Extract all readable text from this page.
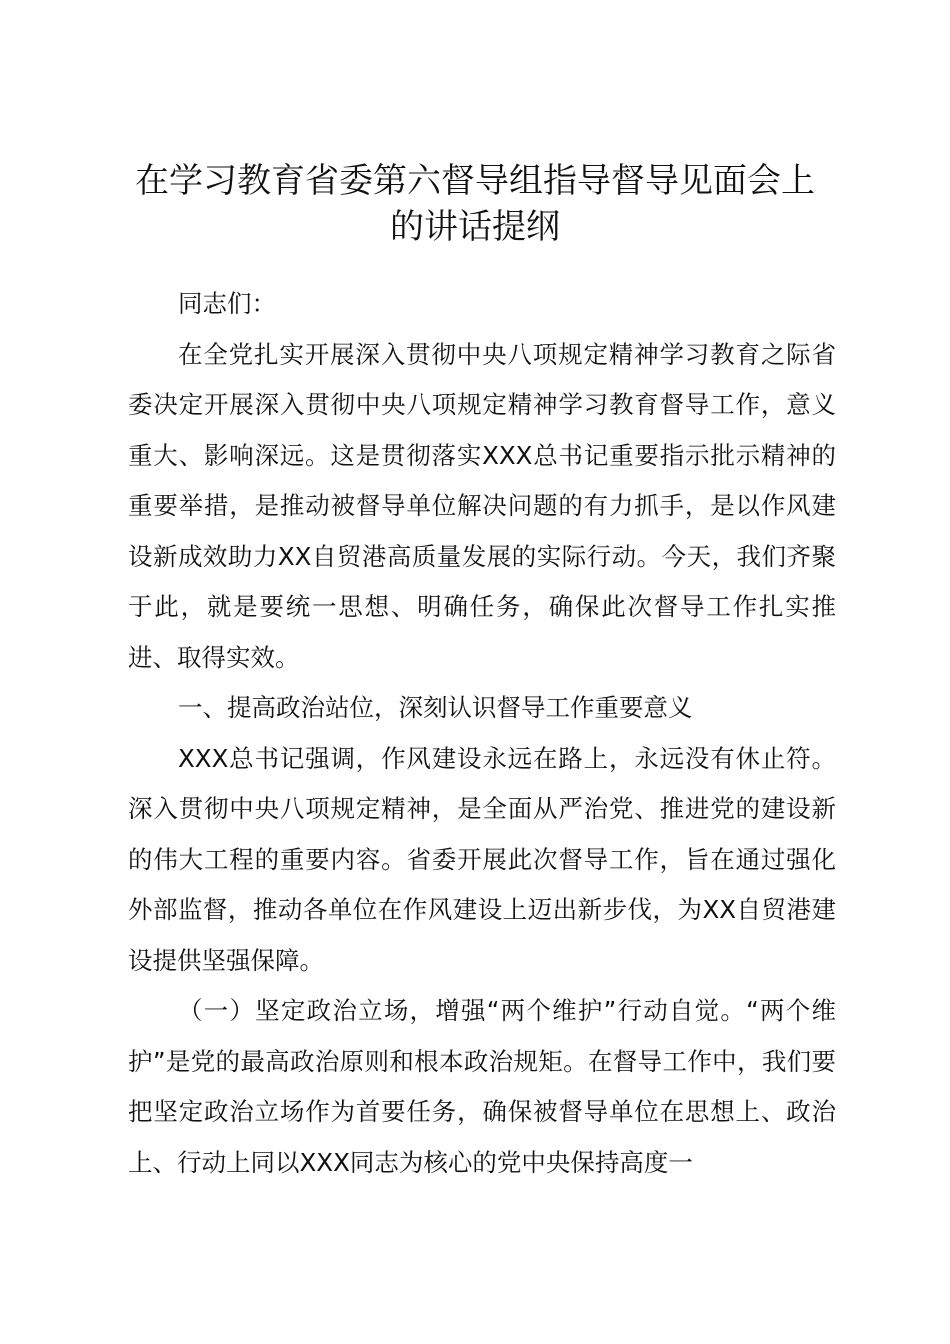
在学习教育省委第六督导组指导督导见面会上
的讲话提纲

同志们：

在全党扎实开展深入贯彻中央八项规定精神学习教育之际省委决定开展深入贯彻中央八项规定精神学习教育督导工作，意义重大、影响深远。这是贯彻落实XXX总书记重要指示批示精神的重要举措，是推动被督导单位解决问题的有力抓手，是以作风建设新成效助力XX自贸港高质量发展的实际行动。今天，我们齐聚于此，就是要统一思想、明确任务，确保此次督导工作扎实推进、取得实效。

一、提高政治站位，深刻认识督导工作重要意义

XXX总书记强调，作风建设永远在路上，永远没有休止符。深入贯彻中央八项规定精神，是全面从严治党、推进党的建设新的伟大工程的重要内容。省委开展此次督导工作，旨在通过强化外部监督，推动各单位在作风建设上迈出新步伐，为XX自贸港建设提供坚强保障。

（一）坚定政治立场，增强“两个维护”行动自觉。“两个维护”是党的最高政治原则和根本政治规矩。在督导工作中，我们要把坚定政治立场作为首要任务，确保被督导单位在思想上、政治上、行动上同以XXX同志为核心的党中央保持高度一
